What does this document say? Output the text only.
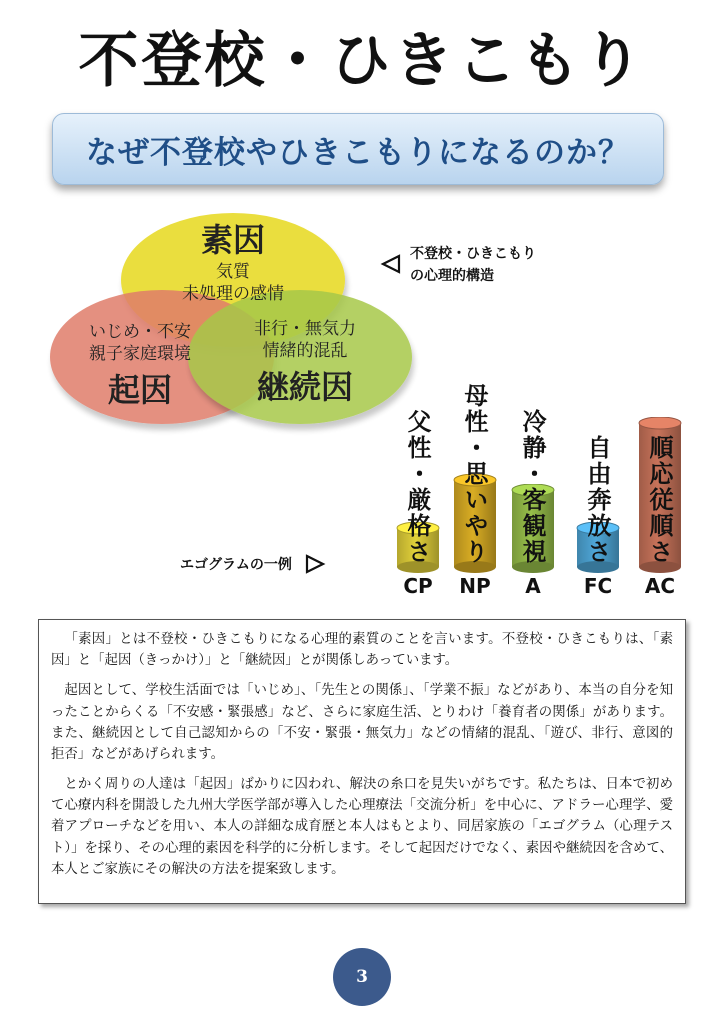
不登校・ひきこもり
なぜ不登校やひきこもりになるのか？
素因
気質
未処理の感情
いじめ・不安
親子家庭環境
起因
非行・無気力
情緒的混乱
継続因
不登校・ひきこもり
の心理的構造
父性・厳格さ
CP
母性・思いやり
NP
冷静・客観視
A
自由奔放さ
FC
順応従順さ
AC
エゴグラムの一例

「素因」とは不登校・ひきこもりになる心理的素質のことを言います。不登校・ひきこもりは、「素因」と「起因（きっかけ）」と「継続因」とが関係しあっています。

起因として、学校生活面では「いじめ」、「先生との関係」、「学業不振」などがあり、本当の自分を知ったことからくる「不安感・緊張感」など、さらに家庭生活、とりわけ「養育者の関係」があります。また、継続因として自己認知からの「不安・緊張・無気力」などの情緒的混乱、「遊び、非行、意図的拒否」などがあげられます。

とかく周りの人達は「起因」ばかりに囚われ、解決の糸口を見失いがちです。私たちは、日本で初めて心療内科を開設した九州大学医学部が導入した心理療法「交流分析」を中心に、アドラー心理学、愛着アプローチなどを用い、本人の詳細な成育歴と本人はもとより、同居家族の「エゴグラム（心理テスト）」を採り、その心理的素因を科学的に分析します。そして起因だけでなく、素因や継続因を含めて、本人とご家族にその解決の方法を提案致します。

3
